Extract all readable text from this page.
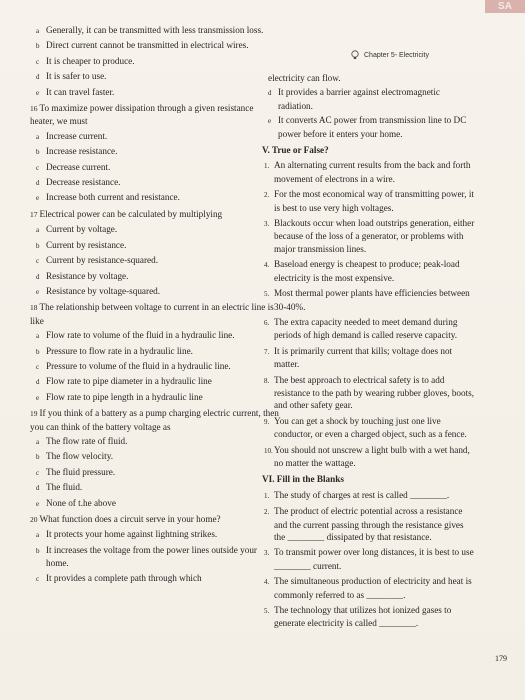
SA
Chapter 5- Electricity
a Generally, it can be transmitted with less transmission loss.
b Direct current cannot be transmitted in electrical wires.
c It is cheaper to produce.
d It is safer to use.
e It can travel faster.
16 To maximize power dissipation through a given resistance heater, we must
a Increase current.
b Increase resistance.
c Decrease current.
d Decrease resistance.
e Increase both current and resistance.
17 Electrical power can be calculated by multiplying
a Current by voltage.
b Current by resistance.
c Current by resistance-squared.
d Resistance by voltage.
e Resistance by voltage-squared.
18 The relationship between voltage to current in an electric line is like
a Flow rate to volume of the fluid in a hydraulic line.
b Pressure to flow rate in a hydraulic line.
c Pressure to volume of the fluid in a hydraulic line.
d Flow rate to pipe diameter in a hydraulic line
e Flow rate to pipe length in a hydraulic line
19 If you think of a battery as a pump charging electric current, then you can think of the battery voltage as
a The flow rate of fluid.
b The flow velocity.
c The fluid pressure.
d The fluid.
e None of t.he above
20 What function does a circuit serve in your home?
a It protects your home against lightning strikes.
b It increases the voltage from the power lines outside your home.
c It provides a complete path through which
electricity can flow.
d It provides a barrier against electromagnetic radiation.
e It converts AC power from transmission line to DC power before it enters your home.
V. True or False?
1. An alternating current results from the back and forth movement of electrons in a wire.
2. For the most economical way of transmitting power, it is best to use very high voltages.
3. Blackouts occur when load outstrips generation, either because of the loss of a generator, or problems with major transmission lines.
4. Baseload energy is cheapest to produce; peak-load electricity is the most expensive.
5. Most thermal power plants have efficiencies between 30-40%.
6. The extra capacity needed to meet demand during periods of high demand is called reserve capacity.
7. It is primarily current that kills; voltage does not matter.
8. The best approach to electrical safety is to add resistance to the path by wearing rubber gloves, boots, and other safety gear.
9. You can get a shock by touching just one live conductor, or even a charged object, such as a fence.
10.You should not unscrew a light bulb with a wet hand, no matter the wattage.
VI. Fill in the Blanks
1. The study of charges at rest is called ________.
2. The product of electric potential across a resistance and the current passing through the resistance gives the ________ dissipated by that resistance.
3. To transmit power over long distances, it is best to use ________ current.
4. The simultaneous production of electricity and heat is commonly referred to as ________.
5. The technology that utilizes hot ionized gases to generate electricity is called ________.
179
